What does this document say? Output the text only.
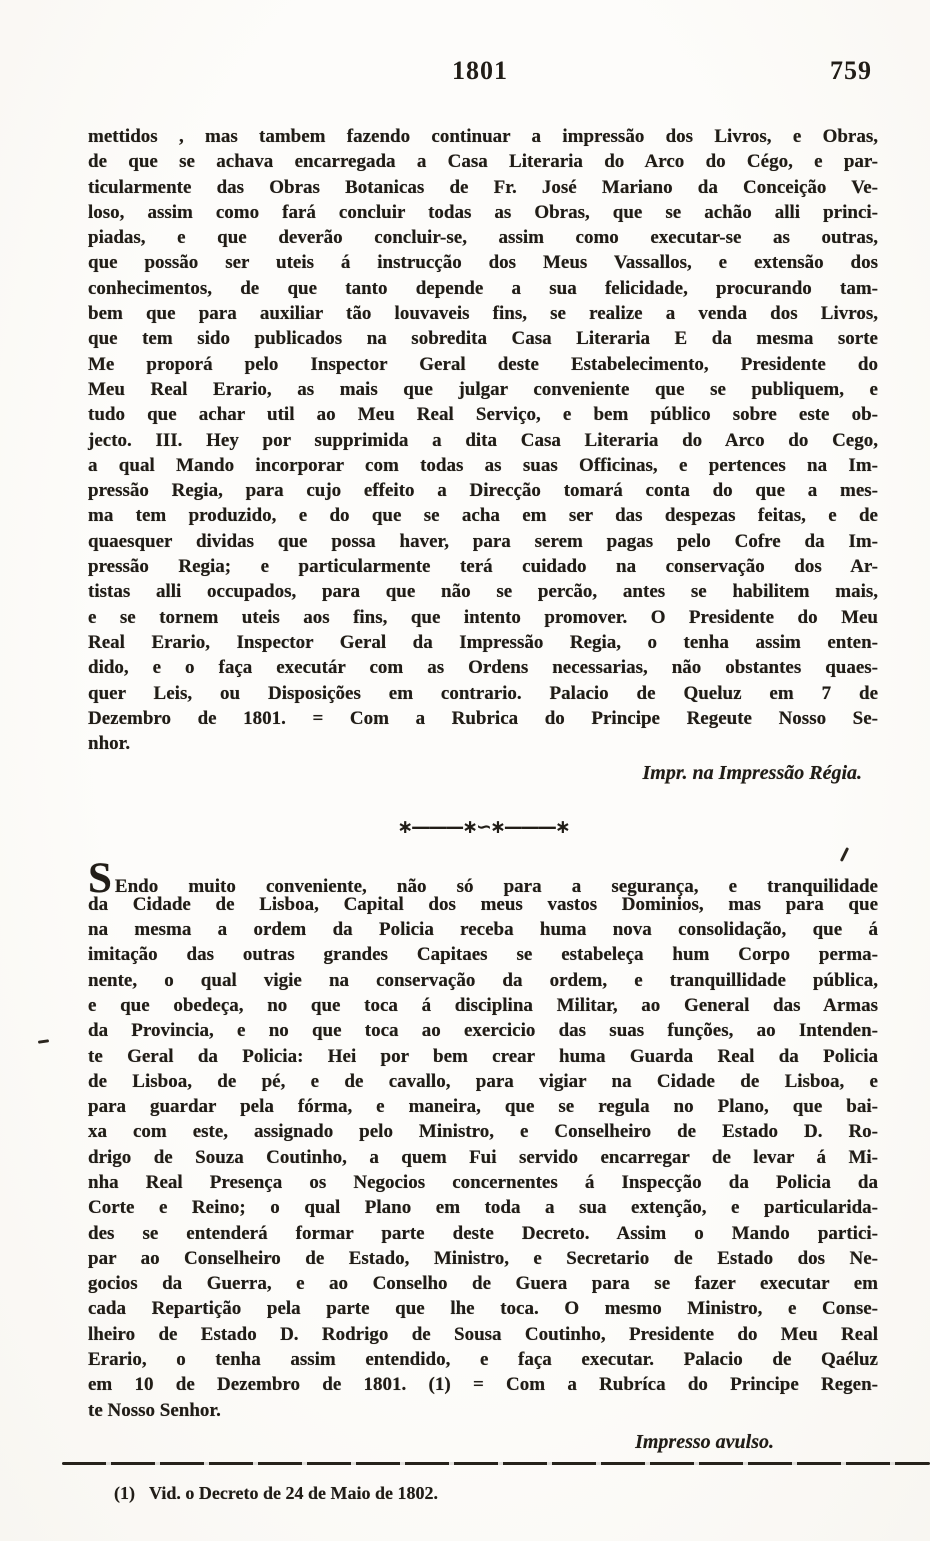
1801	759
mettidos , mas tambem fazendo continuar a impressão dos Livros, e Obras,
de que se achava encarregada a Casa Literaria do Arco do Cégo, e par-
ticularmente das Obras Botanicas de Fr. José Mariano da Conceição Ve-
loso, assim como fará concluir todas as Obras, que se achão alli princi-
piadas, e que deverão concluir-se, assim como executar-se as outras,
que possão ser uteis á instrucção dos Meus Vassallos, e extensão dos
conhecimentos, de que tanto depende a sua felicidade, procurando tam-
bem que para auxiliar tão louvaveis fins, se realize a venda dos Livros,
que tem sido publicados na sobredita Casa Literaria E da mesma sorte
Me proporá pelo Inspector Geral deste Estabelecimento, Presidente do
Meu Real Erario, as mais que julgar conveniente que se publiquem, e
tudo que achar util ao Meu Real Serviço, e bem público sobre este ob-
jecto. III. Hey por supprimida a dita Casa Literaria do Arco do Cego,
a qual Mando incorporar com todas as suas Officinas, e pertences na Im-
pressão Regia, para cujo effeito a Direcção tomará conta do que a mes-
ma tem produzido, e do que se acha em ser das despezas feitas, e de
quaesquer dividas que possa haver, para serem pagas pelo Cofre da Im-
pressão Regia; e particularmente terá cuidado na conservação dos Ar-
tistas alli occupados, para que não se percão, antes se habilitem mais,
e se tornem uteis aos fins, que intento promover. O Presidente do Meu
Real Erario, Inspector Geral da Impressão Regia, o tenha assim enten-
dido, e o faça executár com as Ordens necessarias, não obstantes quaes-
quer Leis, ou Disposições em contrario. Palacio de Queluz em 7 de
Dezembro de 1801. = Com a Rubrica do Principe Regeute Nosso Se-
nhor.
Impr. na Impressão Régia.
∗———∗∽∗———∗
S Endo muito conveniente, não só para a segurança, e tranquilidade
da Cidade de Lisboa, Capital dos meus vastos Dominios, mas para que
na mesma a ordem da Policia receba huma nova consolidação, que á
imitação das outras grandes Capitaes se estabeleça hum Corpo perma-
nente, o qual vigie na conservação da ordem, e tranquillidade pública,
e que obedeça, no que toca á disciplina Militar, ao General das Armas
da Provincia, e no que toca ao exercicio das suas funções, ao Intenden-
te Geral da Policia: Hei por bem crear huma Guarda Real da Policia
de Lisboa, de pé, e de cavallo, para vigiar na Cidade de Lisboa, e
para guardar pela fórma, e maneira, que se regula no Plano, que bai-
xa com este, assignado pelo Ministro, e Conselheiro de Estado D. Ro-
drigo de Souza Coutinho, a quem Fui servido encarregar de levar á Mi-
nha Real Presença os Negocios concernentes á Inspecção da Policia da
Corte e Reino; o qual Plano em toda a sua extenção, e particularida-
des se entenderá formar parte deste Decreto. Assim o Mando partici-
par ao Conselheiro de Estado, Ministro, e Secretario de Estado dos Ne-
gocios da Guerra, e ao Conselho de Guera para se fazer executar em
cada Repartição pela parte que lhe toca. O mesmo Ministro, e Conse-
lheiro de Estado D. Rodrigo de Sousa Coutinho, Presidente do Meu Real
Erario, o tenha assim entendido, e faça executar. Palacio de Qaéluz
em 10 de Dezembro de 1801. (1) = Com a Rubríca do Principe Regen-
te Nosso Senhor.
Impresso avulso.
(1) Vid. o Decreto de 24 de Maio de 1802.
